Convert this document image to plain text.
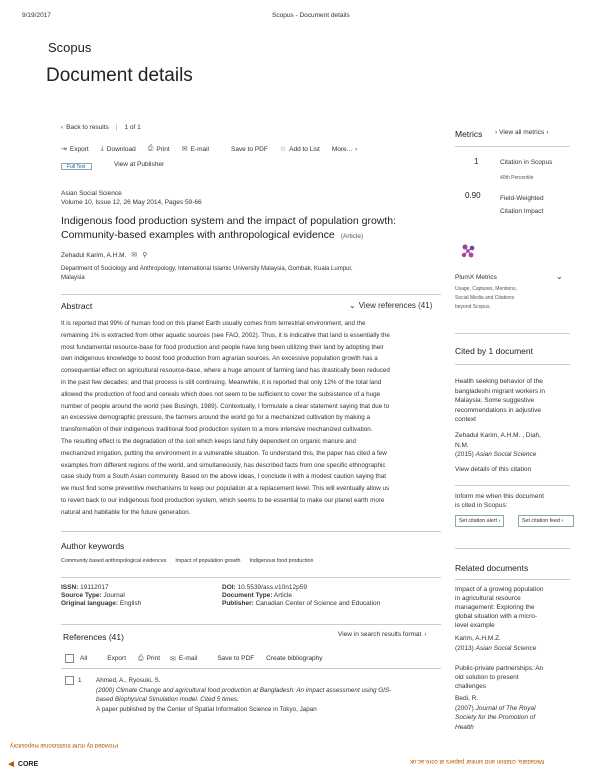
9/19/2017	Scopus - Document details
Scopus
Document details
‹ Back to results | 1 of 1
⇥ Export ⤓ Download ⎙ Print ✉ E-mail	Save to PDF ☆ Add to List More... ›
Full Text	View at Publisher
Asian Social Science
Volume 10, Issue 12, 26 May 2014, Pages 59-66
Indigenous food production system and the impact of population growth:
Community-based examples with anthropological evidence (Article)
Zehadul Karim, A.H.M. ✉ ⚲
Department of Sociology and Anthropology, International Islamic University Malaysia, Gombak, Kuala Lumpur,
Malaysia
Abstract	⌄ View references (41)
It is reported that 99% of human food on this planet Earth usually comes from terrestrial environment, and the
remaining 1% is extracted from other aquatic sources (see FAO, 2002). Thus, it is indicative that land is essentially the
most fundamental resource-base for food production and people have long been utilizing their land by adopting their
own indigenous knowledge to boost food production from agrarian sources. An excessive population growth has a
consequential effect on agricultural resource-base, where a huge amount of farming land has drastically been reduced
in the past few decades; and that process is still continuing. Meanwhile, it is reported that only 12% of the total land
allowed the production of food and cereals which does not seem to be sufficient to cover the subsistence of a huge
number of people around the world (see Busingh, 1989). Contextually, I formulate a clear statement saying that due to
an excessive demographic pressure, the farmers around the world go for a mechanized cultivation by making a
transformation of their indigenous traditional food production system to a more intensive mechanized cultivation.
The resulting effect is the degradation of the soil which keeps land fully dependent on organic manure and
mechanized irrigation, putting the environment in a vulnerable situation. To understand this, the paper has cited a few
examples from different regions of the world, and simultaneously, has described facts from one specific ethnographic
case study from a South Asian community. Based on the above ideas, I conclude it with a modest caution saying that
we must find some preventive mechanisms to keep our population at a replacement level. This will eventually allow us
to revert back to our indigenous food production system, which seems to be essential to make our planet earth more
natural and habitable for the future generation.
Author keywords
Community based anthropological evidences Impact of population growth Indigenous food production
ISSN: 19112017
Source Type: Journal
Original language: English
DOI: 10.5539/ass.v10n12p59
Document Type: Article
Publisher: Canadian Center of Science and Education
References (41)	View in search results format ›
All	Export ⎙ Print ✉ E-mail	Save to PDF Create bibliography
1	Ahmed, A., Ryosuki, S.
(2000) Climate Change and agricultural food production at Bangladesh: An impact assessment using GIS-
based Biophysical Simulation model. Cited 5 times.
A paper published by the Center of Spatial Information Science in Tokyo, Japan
Metrics › View all metrics ›
1	Citation in Scopus
40th Percentile
0.90	Field-Weighted
Citation Impact
PlumX Metrics	⌄
Usage, Captures, Mentions,
Social Media and Citations
beyond Scopus.
Cited by 1 document
Health seeking behavior of the
bangladeshi migrant workers in
Malaysia: Some suggestive
recommendations in adjustive
context
Zehadul Karim, A.H.M. , Diah,
N.M.
(2015) Asian Social Science
View details of this citation
Inform me when this document
is cited in Scopus:
Set citation alert ›	Set citation feed ›
Related documents
Impact of a growing population
in agricultural resource
management: Exploring the
global situation with a micro-
level example
Karim, A.H.M.Z.
(2013) Asian Social Science
Public-private partnerships: An
old solution to present
challenges
Bedi, R.
(2007) Journal of The Royal
Society for the Promotion of
Health
Provided by IIUM Institutional Repository
Metadata, citation and similar papers at core.ac.uk
◄ CORE
